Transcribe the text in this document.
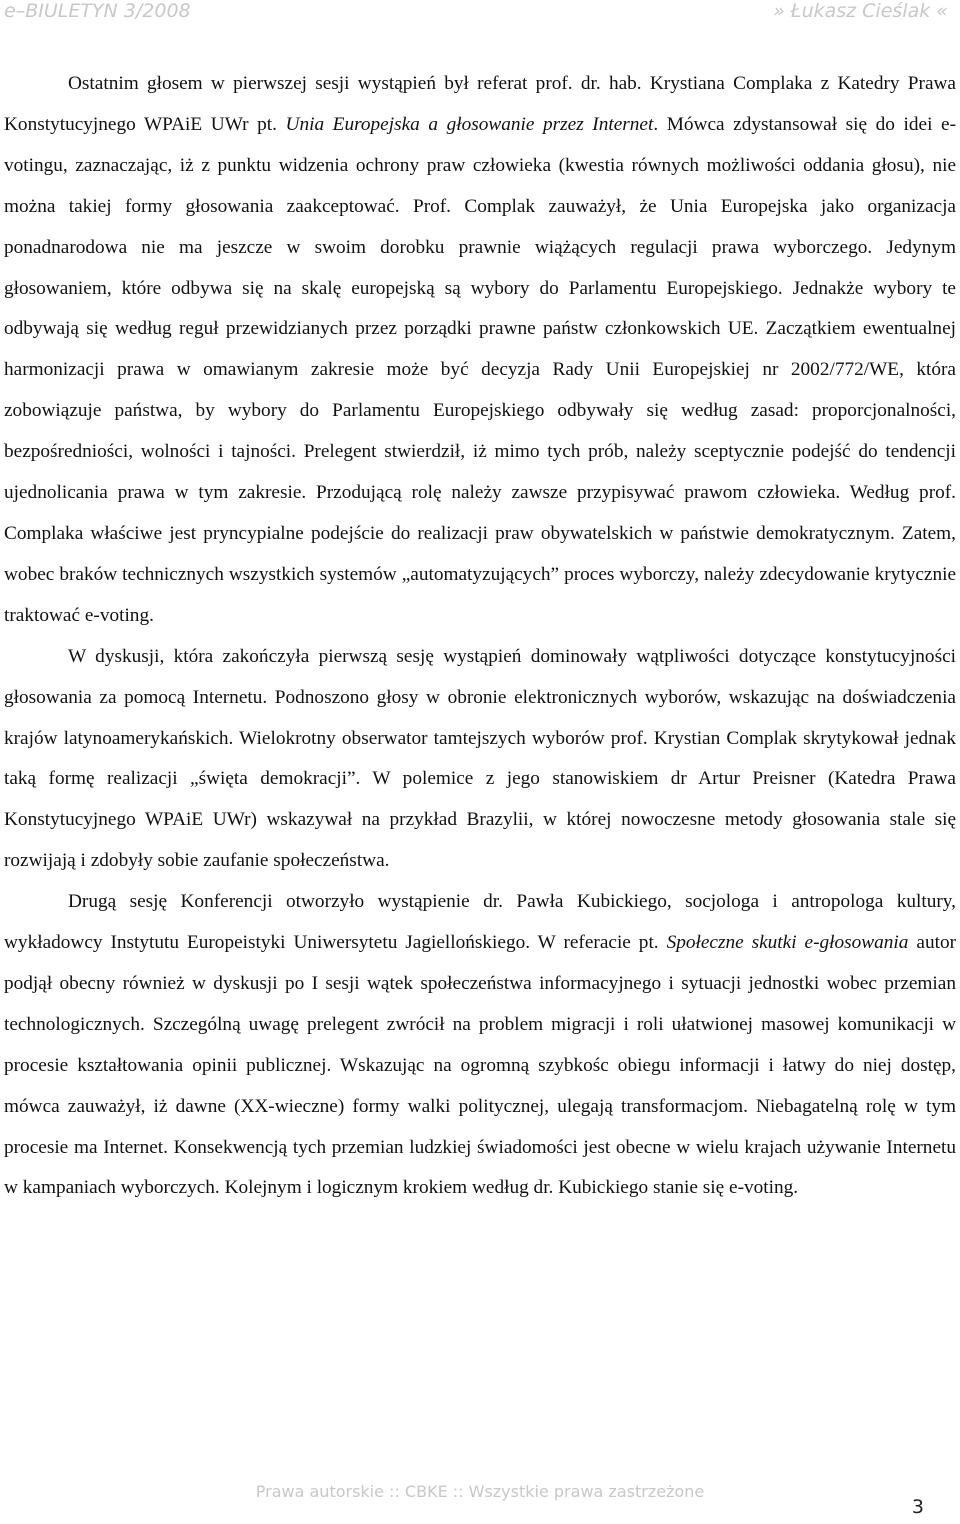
e–BIULETYN 3/2008	» Łukasz Cieślak «

Ostatnim głosem w pierwszej sesji wystąpień był referat prof. dr. hab. Krystiana Complaka z Katedry Prawa Konstytucyjnego WPAiE UWr pt. Unia Europejska a głosowanie przez Internet. Mówca zdystansował się do idei e-votingu, zaznaczając, iż z punktu widzenia ochrony praw człowieka (kwestia równych możliwości oddania głosu), nie można takiej formy głosowania zaakceptować. Prof. Complak zauważył, że Unia Europejska jako organizacja ponadnarodowa nie ma jeszcze w swoim dorobku prawnie wiążących regulacji prawa wyborczego. Jedynym głosowaniem, które odbywa się na skalę europejską są wybory do Parlamentu Europejskiego. Jednakże wybory te odbywają się według reguł przewidzianych przez porządki prawne państw członkowskich UE. Zaczątkiem ewentualnej harmonizacji prawa w omawianym zakresie może być decyzja Rady Unii Europejskiej nr 2002/772/WE, która zobowiązuje państwa, by wybory do Parlamentu Europejskiego odbywały się według zasad: proporcjonalności, bezpośredniości, wolności i tajności. Prelegent stwierdził, iż mimo tych prób, należy sceptycznie podejść do tendencji ujednolicania prawa w tym zakresie. Przodującą rolę należy zawsze przypisywać prawom człowieka. Według prof. Complaka właściwe jest pryncypialne podejście do realizacji praw obywatelskich w państwie demokratycznym. Zatem, wobec braków technicznych wszystkich systemów „automatyzujących” proces wyborczy, należy zdecydowanie krytycznie traktować e-voting.

W dyskusji, która zakończyła pierwszą sesję wystąpień dominowały wątpliwości dotyczące konstytucyjności głosowania za pomocą Internetu. Podnoszono głosy w obronie elektronicznych wyborów, wskazując na doświadczenia krajów latynoamerykańskich. Wielokrotny obserwator tamtejszych wyborów prof. Krystian Complak skrytykował jednak taką formę realizacji „święta demokracji”. W polemice z jego stanowiskiem dr Artur Preisner (Katedra Prawa Konstytucyjnego WPAiE UWr) wskazywał na przykład Brazylii, w której nowoczesne metody głosowania stale się rozwijają i zdobyły sobie zaufanie społeczeństwa.

Drugą sesję Konferencji otworzyło wystąpienie dr. Pawła Kubickiego, socjologa i antropologa kultury, wykładowcy Instytutu Europeistyki Uniwersytetu Jagiellońskiego. W referacie pt. Społeczne skutki e-głosowania autor podjął obecny również w dyskusji po I sesji wątek społeczeństwa informacyjnego i sytuacji jednostki wobec przemian technologicznych. Szczególną uwagę prelegent zwrócił na problem migracji i roli ułatwionej masowej komunikacji w procesie kształtowania opinii publicznej. Wskazując na ogromną szybkośc obiegu informacji i łatwy do niej dostęp, mówca zauważył, iż dawne (XX-wieczne) formy walki politycznej, ulegają transformacjom. Niebagatelną rolę w tym procesie ma Internet. Konsekwencją tych przemian ludzkiej świadomości jest obecne w wielu krajach używanie Internetu w kampaniach wyborczych. Kolejnym i logicznym krokiem według dr. Kubickiego stanie się e-voting.

Prawa autorskie :: CBKE :: Wszystkie prawa zastrzeżone
3
